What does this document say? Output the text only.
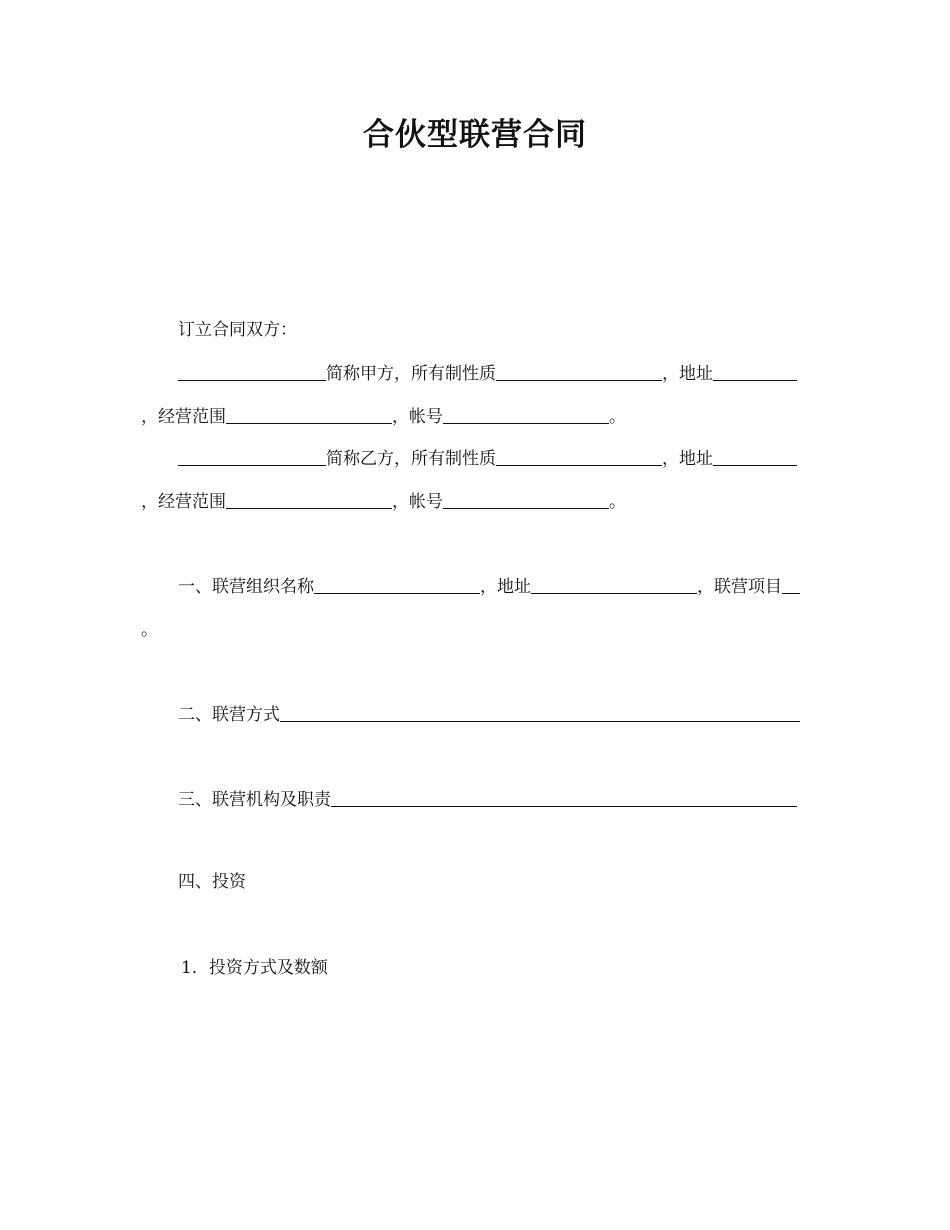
合伙型联营合同
订立合同双方：
简称甲方，所有制性质	，地址
，经营范围	，帐号	。
简称乙方，所有制性质	，地址
，经营范围	，帐号	。
一、联营组织名称	，地址	，联营项目
。
二、联营方式
三、联营机构及职责
四、投资
1．投资方式及数额
